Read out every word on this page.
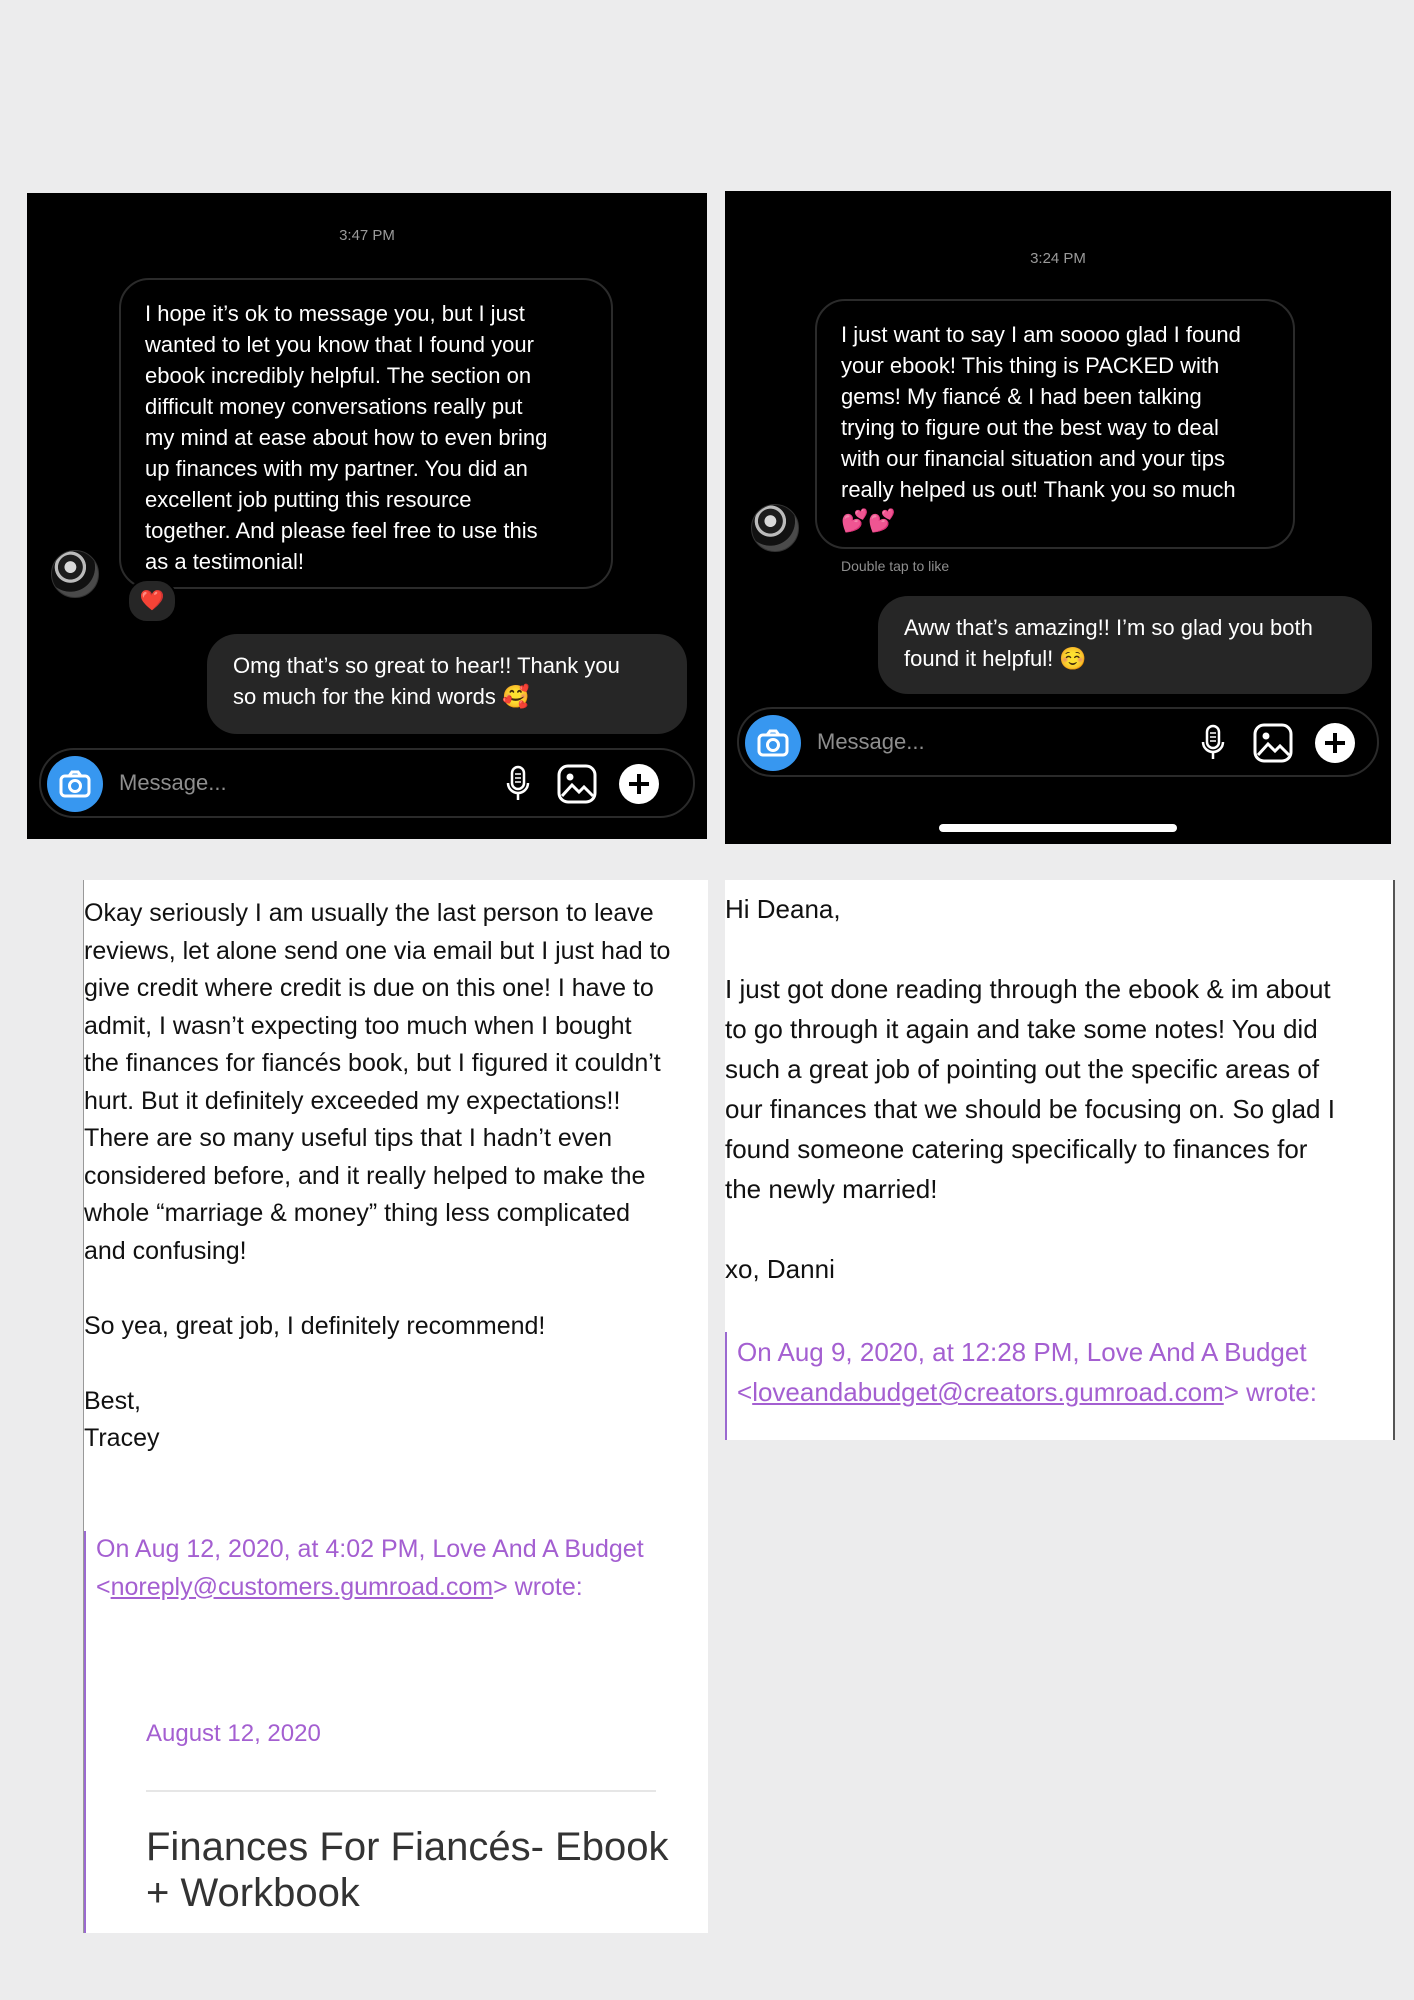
3:47 PM
I hope it’s ok to message you, but I just
wanted to let you know that I found your
ebook incredibly helpful. The section on
difficult money conversations really put
my mind at ease about how to even bring
up finances with my partner. You did an
excellent job putting this resource
together. And please feel free to use this
as a testimonial!
❤️
Omg that’s so great to hear!! Thank you
so much for the kind words 🥰
Message...
3:24 PM
I just want to say I am soooo glad I found
your ebook! This thing is PACKED with
gems! My fiancé & I had been talking
trying to figure out the best way to deal
with our financial situation and your tips
really helped us out! Thank you so much
💕💕
Double tap to like
Aww that’s amazing!! I’m so glad you both
found it helpful! ☺️
Message...
Okay seriously I am usually the last person to leave
reviews, let alone send one via email but I just had to
give credit where credit is due on this one! I have to
admit, I wasn’t expecting too much when I bought
the finances for fiancés book, but I figured it couldn’t
hurt. But it definitely exceeded my expectations!!
There are so many useful tips that I hadn’t even
considered before, and it really helped to make the
whole “marriage & money” thing less complicated
and confusing!

So yea, great job, I definitely recommend!

Best,
Tracey
On Aug 12, 2020, at 4:02 PM, Love And A Budget
<noreply@customers.gumroad.com> wrote:
August 12, 2020
Finances For Fiancés- Ebook
+ Workbook
Hi Deana,

I just got done reading through the ebook & im about
to go through it again and take some notes! You did
such a great job of pointing out the specific areas of
our finances that we should be focusing on. So glad I
found someone catering specifically to finances for
the newly married!

xo, Danni
On Aug 9, 2020, at 12:28 PM, Love And A Budget
<loveandabudget@creators.gumroad.com> wrote:
